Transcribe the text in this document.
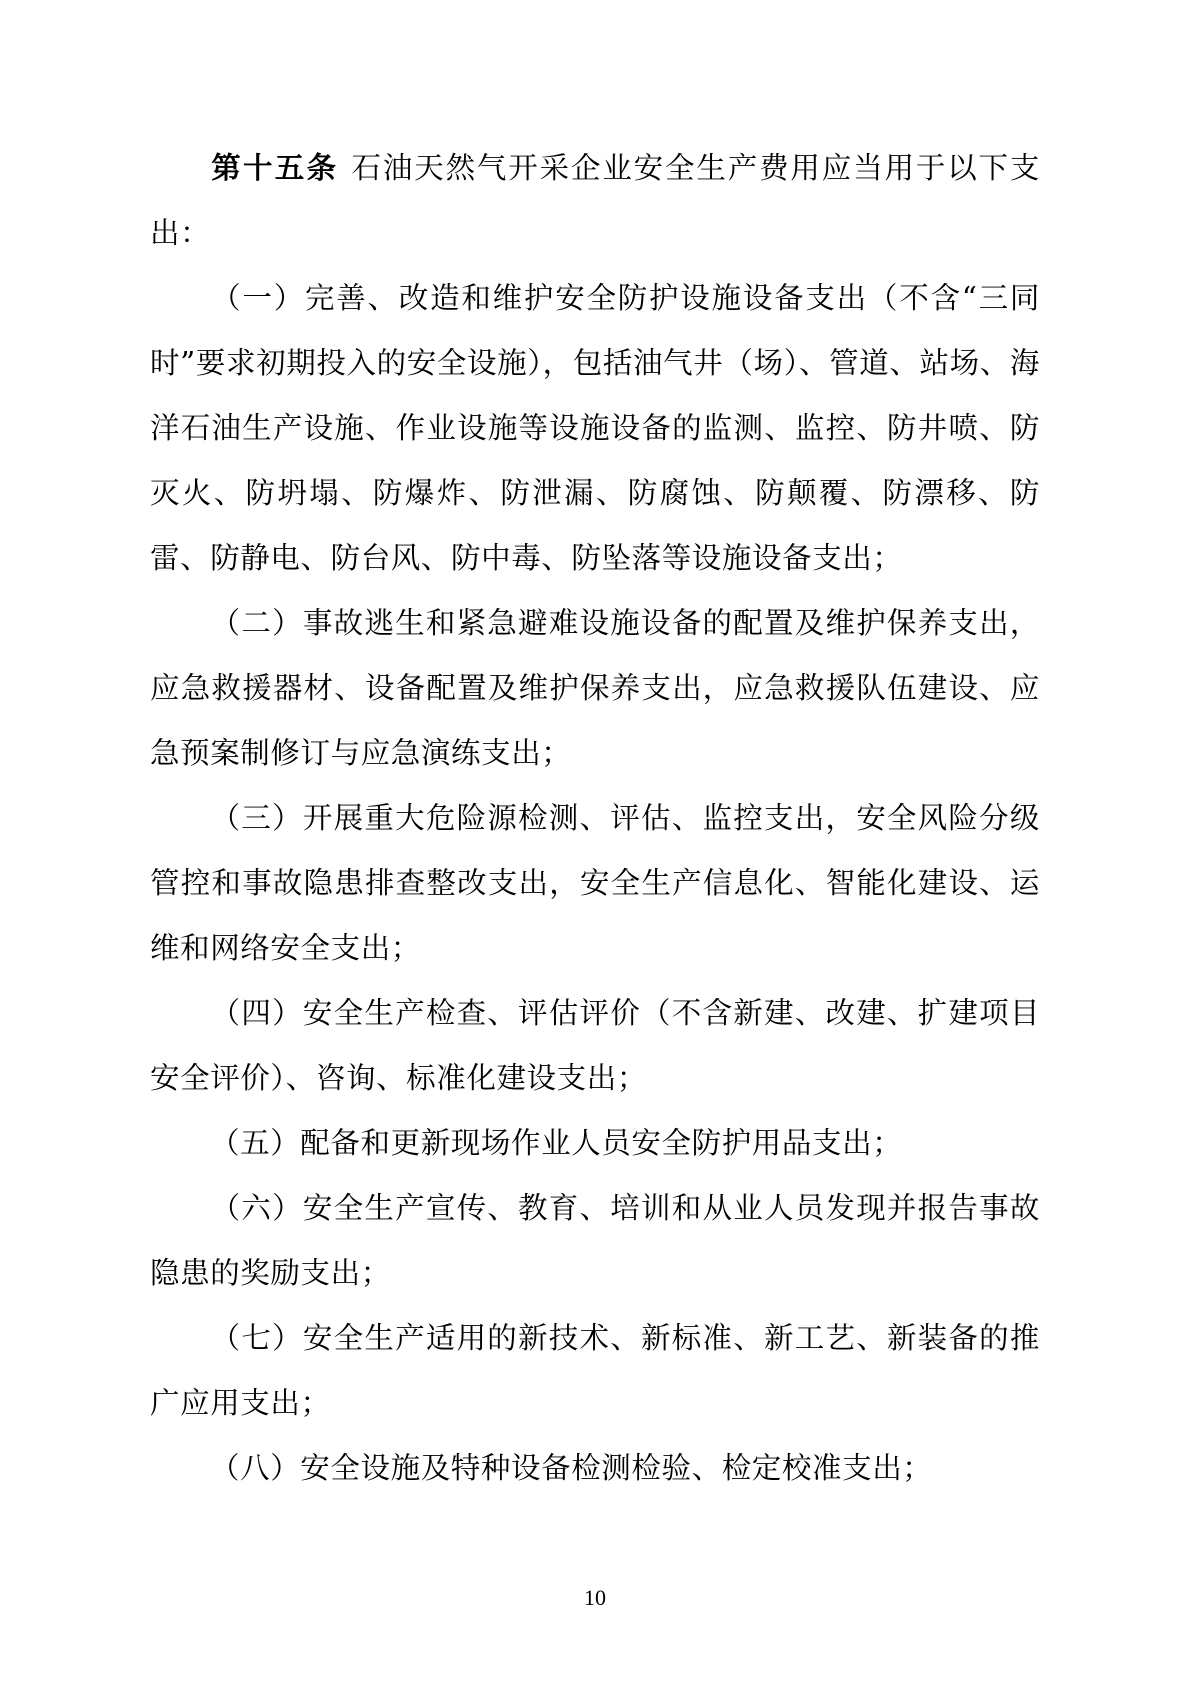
第十五条 石油天然气开采企业安全生产费用应当用于以下支出：

（一）完善、改造和维护安全防护设施设备支出（不含“三同时”要求初期投入的安全设施），包括油气井（场）、管道、站场、海洋石油生产设施、作业设施等设施设备的监测、监控、防井喷、防灭火、防坍塌、防爆炸、防泄漏、防腐蚀、防颠覆、防漂移、防雷、防静电、防台风、防中毒、防坠落等设施设备支出；

（二）事故逃生和紧急避难设施设备的配置及维护保养支出，应急救援器材、设备配置及维护保养支出，应急救援队伍建设、应急预案制修订与应急演练支出；

（三）开展重大危险源检测、评估、监控支出，安全风险分级管控和事故隐患排查整改支出，安全生产信息化、智能化建设、运维和网络安全支出；

（四）安全生产检查、评估评价（不含新建、改建、扩建项目安全评价）、咨询、标准化建设支出；

（五）配备和更新现场作业人员安全防护用品支出；

（六）安全生产宣传、教育、培训和从业人员发现并报告事故隐患的奖励支出；

（七）安全生产适用的新技术、新标准、新工艺、新装备的推广应用支出；

（八）安全设施及特种设备检测检验、检定校准支出；

10
